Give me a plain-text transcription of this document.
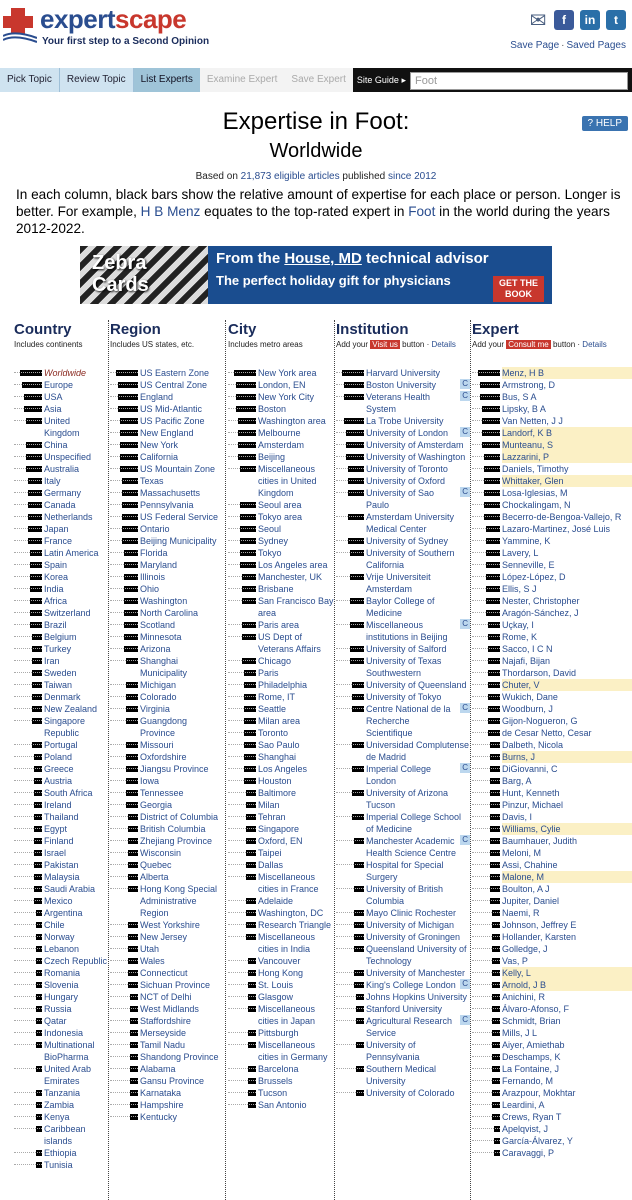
expertscape
Your first step to a Second Opinion
✉	f	in	t
Save Page · Saved Pages
Pick Topic	Review Topic	List Experts	Examine Expert	Save Expert	Site Guide ▸
Foot
Expertise in Foot:
Worldwide
Based on 21,873 eligible articles published since 2012
? HELP
In each column, black bars show the relative amount of expertise for each place or person. Longer is better. For example, H B Menz equates to the top-rated expert in Foot in the world during the years 2012-2022.
Zebra
Cards
From the House, MD technical advisor
The perfect holiday gift for physicians	GET THE
BOOK
Country
Includes continents
Worldwide
Europe
USA
Asia
United Kingdom
China
Unspecified
Australia
Italy
Germany
Canada
Netherlands
Japan
France
Latin America
Spain
Korea
India
Africa
Switzerland
Brazil
Belgium
Turkey
Iran
Sweden
Taiwan
Denmark
New Zealand
Singapore Republic
Portugal
Poland
Greece
Austria
South Africa
Ireland
Thailand
Egypt
Finland
Israel
Pakistan
Malaysia
Saudi Arabia
Mexico
Argentina
Chile
Norway
Lebanon
Czech Republic
Romania
Slovenia
Hungary
Russia
Qatar
Indonesia
Multinational BioPharma
United Arab Emirates
Tanzania
Zambia
Kenya
Caribbean islands
Ethiopia
Tunisia
Region
Includes US states, etc.
US Eastern Zone
US Central Zone
England
US Mid-Atlantic
US Pacific Zone
New England
New York
California
US Mountain Zone
Texas
Massachusetts
Pennsylvania
US Federal Service
Ontario
Beijing Municipality
Florida
Maryland
Illinois
Ohio
Washington
North Carolina
Scotland
Minnesota
Arizona
Shanghai Municipality
Michigan
Colorado
Virginia
Guangdong Province
Missouri
Oxfordshire
Jiangsu Province
Iowa
Tennessee
Georgia
District of Columbia
British Columbia
Zhejiang Province
Wisconsin
Quebec
Alberta
Hong Kong Special Administrative Region
West Yorkshire
New Jersey
Utah
Wales
Connecticut
Sichuan Province
NCT of Delhi
West Midlands
Staffordshire
Merseyside
Tamil Nadu
Shandong Province
Alabama
Gansu Province
Karnataka
Hampshire
Kentucky
City
Includes metro areas
New York area
London, EN
New York City
Boston
Washington area
Melbourne
Amsterdam
Beijing
Miscellaneous cities in United Kingdom
Seoul area
Tokyo area
Seoul
Sydney
Tokyo
Los Angeles area
Manchester, UK
Brisbane
San Francisco Bay area
Paris area
US Dept of Veterans Affairs
Chicago
Paris
Philadelphia
Rome, IT
Seattle
Milan area
Toronto
Sao Paulo
Shanghai
Los Angeles
Houston
Baltimore
Milan
Tehran
Singapore
Oxford, EN
Taipei
Dallas
Miscellaneous cities in France
Adelaide
Washington, DC
Research Triangle
Miscellaneous cities in India
Vancouver
Hong Kong
St. Louis
Glasgow
Miscellaneous cities in Japan
Pittsburgh
Miscellaneous cities in Germany
Barcelona
Brussels
Tucson
San Antonio
Institution
Add your Visit us button · Details
Harvard University
Boston University	C
Veterans Health System
C
La Trobe University
University of London	C
University of Amsterdam
University of Washington
University of Toronto
University of Oxford
University of Sao Paulo
C
Amsterdam University Medical Center
University of Sydney
University of Southern California
Vrije Universiteit Amsterdam
Baylor College of Medicine
Miscellaneous institutions in Beijing
C
University of Salford
University of Texas Southwestern
University of Queensland
University of Tokyo
Centre National de la Recherche Scientifique
C
Universidad Complutense de Madrid
Imperial College London
C
University of Arizona Tucson
Imperial College School of Medicine
Manchester Academic Health Science Centre
C
Hospital for Special Surgery
University of British Columbia
Mayo Clinic Rochester
University of Michigan
University of Groningen
Queensland University of Technology
University of Manchester
King's College London C
Johns Hopkins University
Stanford University
Agricultural Research Service
C
University of Pennsylvania
Southern Medical University
University of Colorado
Expert
Add your Consult me button · Details
Menz, H B
Armstrong, D
Bus, S A
Lipsky, B A
Van Netten, J J
Landorf, K B
Munteanu, S
Lazzarini, P
Daniels, Timothy
Whittaker, Glen
Losa-Iglesias, M
Chockalingam, N
Becerro-de-Bengoa-Vallejo, R
Lazaro-Martinez, José Luis
Yammine, K
Lavery, L
Senneville, E
López-López, D
Ellis, S J
Nester, Christopher
Aragón-Sánchez, J
Uçkay, I
Rome, K
Sacco, I C N
Najafi, Bijan
Thordarson, David
Chuter, V
Wukich, Dane
Woodburn, J
Gijon-Nogueron, G
de Cesar Netto, Cesar
Dalbeth, Nicola
Burns, J
DiGiovanni, C
Barg, A
Hunt, Kenneth
Pinzur, Michael
Davis, I
Williams, Cylie
Baumhauer, Judith
Meloni, M
Assi, Chahine
Malone, M
Boulton, A J
Jupiter, Daniel
Naemi, R
Johnson, Jeffrey E
Hollander, Karsten
Golledge, J
Vas, P
Kelly, L
Arnold, J B
Anichini, R
Álvaro-Afonso, F
Schmidt, Brian
Mills, J L
Aiyer, Amiethab
Deschamps, K
La Fontaine, J
Fernando, M
Arazpour, Mokhtar
Leardini, A
Crews, Ryan T
Apelqvist, J
García-Álvarez, Y
Caravaggi, P
